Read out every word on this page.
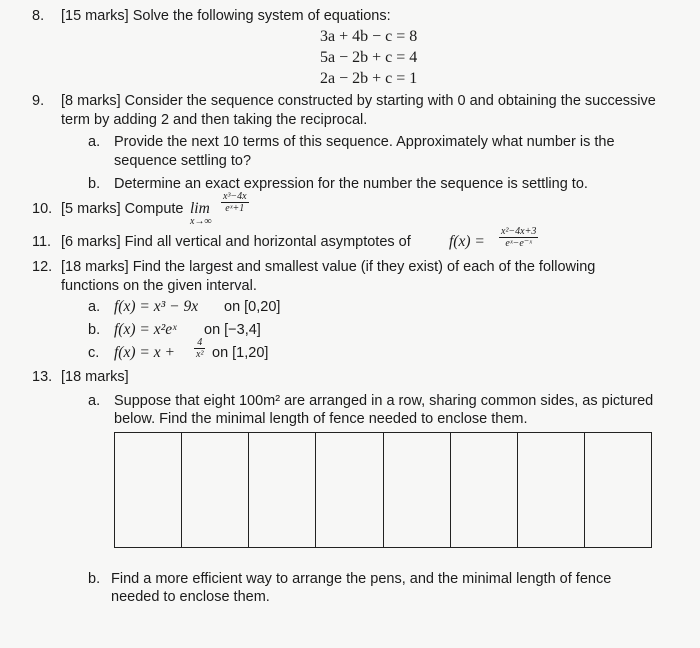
8. [15 marks] Solve the following system of equations:
3a + 4b − c = 8
5a − 2b + c = 4
2a − 2b + c = 1
9. [8 marks] Consider the sequence constructed by starting with 0 and obtaining the successive
term by adding 2 and then taking the reciprocal.
a. Provide the next 10 terms of this sequence. Approximately what number is the
sequence settling to?
b. Determine an exact expression for the number the sequence is settling to.
10. [5 marks] Compute lim
x→∞
$\frac{\text{x³−4x}}{\text{eˣ+1}}$
11. [6 marks] Find all vertical and horizontal asymptotes of $f(x) = \frac{\text{x²−4x+3}}{\text{eˣ−e⁻ˣ}}$
12. [18 marks] Find the largest and smallest value (if they exist) of each of the following
functions on the given interval.
a. f(x) = x³ − 9x on [0,20]
b. f(x) = x²eˣ on [−3,4]
c. $f(x) = x + \frac{4}{\text{x²}}$ on [1,20]
13. [18 marks]
a. Suppose that eight 100m² are arranged in a row, sharing common sides, as pictured
below. Find the minimal length of fence needed to enclose them.
b. Find a more efficient way to arrange the pens, and the minimal length of fence
needed to enclose them.
